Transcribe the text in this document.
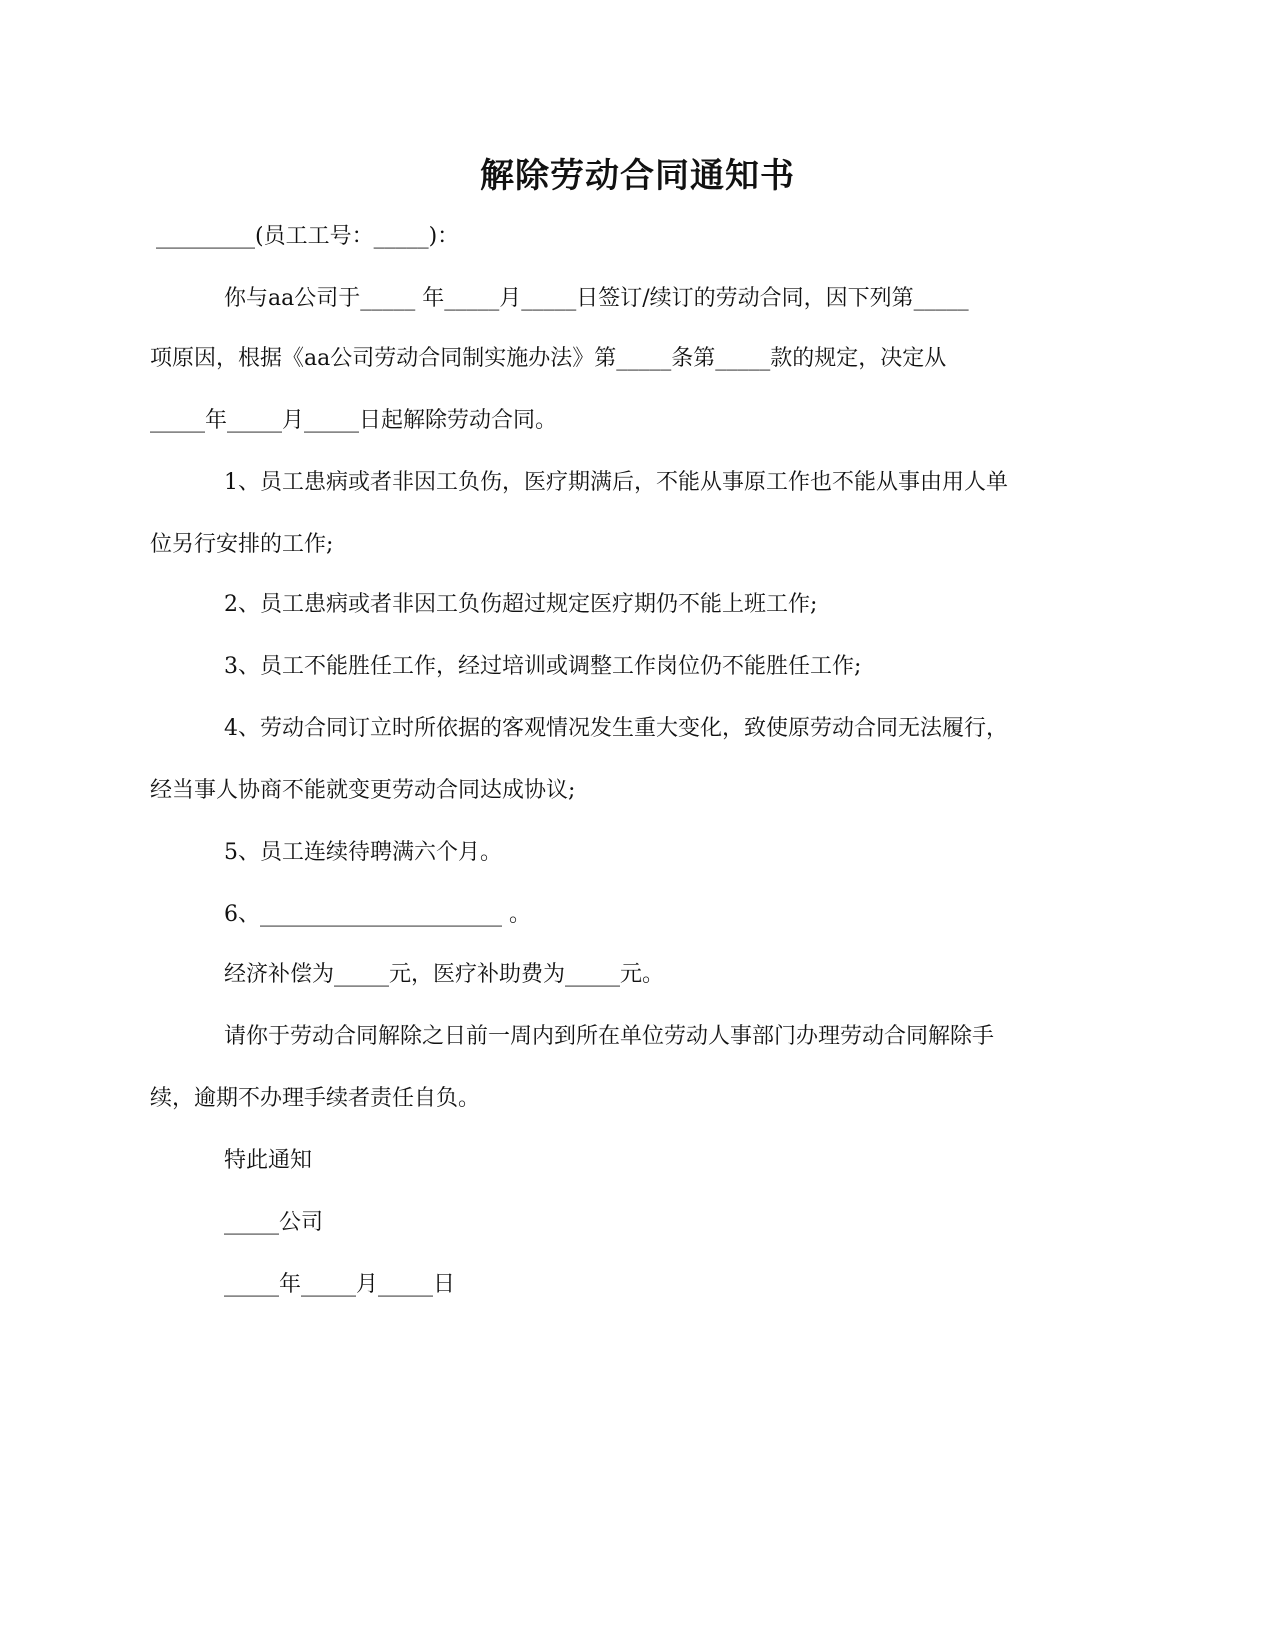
解除劳动合同通知书
_________(员工工号：_____)：
你与aa公司于_____ 年_____月_____日签订/续订的劳动合同，因下列第_____
项原因，根据《aa公司劳动合同制实施办法》第_____条第_____款的规定，决定从
_____年_____月_____日起解除劳动合同。
1、员工患病或者非因工负伤，医疗期满后，不能从事原工作也不能从事由用人单
位另行安排的工作;
2、员工患病或者非因工负伤超过规定医疗期仍不能上班工作;
3、员工不能胜任工作，经过培训或调整工作岗位仍不能胜任工作;
4、劳动合同订立时所依据的客观情况发生重大变化，致使原劳动合同无法履行，
经当事人协商不能就变更劳动合同达成协议;
5、员工连续待聘满六个月。
6、______________________ 。
经济补偿为_____元，医疗补助费为_____元。
请你于劳动合同解除之日前一周内到所在单位劳动人事部门办理劳动合同解除手
续，逾期不办理手续者责任自负。
特此通知
_____公司
_____年_____月_____日
